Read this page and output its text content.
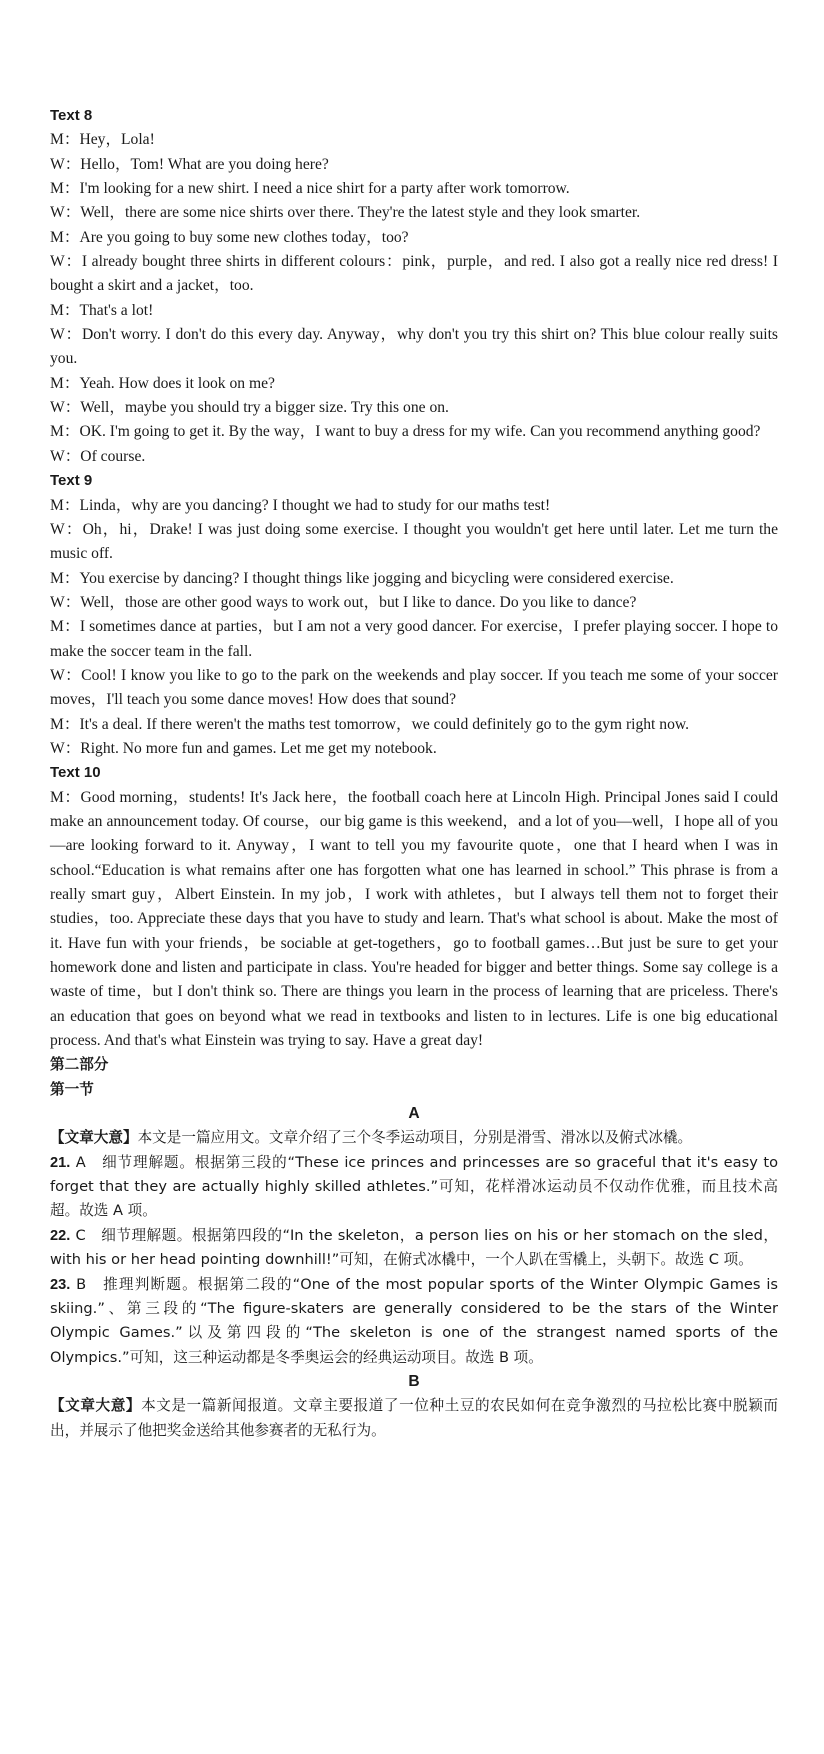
Text 8
M：Hey，Lola!
W：Hello，Tom! What are you doing here?
M：I'm looking for a new shirt. I need a nice shirt for a party after work tomorrow.
W：Well，there are some nice shirts over there. They're the latest style and they look smarter.
M：Are you going to buy some new clothes today，too?
W：I already bought three shirts in different colours：pink，purple，and red. I also got a really nice red dress! I bought a skirt and a jacket，too.
M：That's a lot!
W：Don't worry. I don't do this every day. Anyway，why don't you try this shirt on? This blue colour really suits you.
M：Yeah. How does it look on me?
W：Well，maybe you should try a bigger size. Try this one on.
M：OK. I'm going to get it. By the way，I want to buy a dress for my wife. Can you recommend anything good?
W：Of course.
Text 9
M：Linda，why are you dancing? I thought we had to study for our maths test!
W：Oh，hi，Drake! I was just doing some exercise. I thought you wouldn't get here until later. Let me turn the music off.
M：You exercise by dancing? I thought things like jogging and bicycling were considered exercise.
W：Well，those are other good ways to work out，but I like to dance. Do you like to dance?
M：I sometimes dance at parties，but I am not a very good dancer. For exercise，I prefer playing soccer. I hope to make the soccer team in the fall.
W：Cool! I know you like to go to the park on the weekends and play soccer. If you teach me some of your soccer moves，I'll teach you some dance moves! How does that sound?
M：It's a deal. If there weren't the maths test tomorrow，we could definitely go to the gym right now.
W：Right. No more fun and games. Let me get my notebook.
Text 10
M：Good morning，students! It's Jack here，the football coach here at Lincoln High. Principal Jones said I could make an announcement today. Of course，our big game is this weekend，and a lot of you—well，I hope all of you—are looking forward to it. Anyway，I want to tell you my favourite quote，one that I heard when I was in school.“Education is what remains after one has forgotten what one has learned in school.” This phrase is from a really smart guy，Albert Einstein. In my job，I work with athletes，but I always tell them not to forget their studies，too. Appreciate these days that you have to study and learn. That's what school is about. Make the most of it. Have fun with your friends，be sociable at get-togethers，go to football games…But just be sure to get your homework done and listen and participate in class. You're headed for bigger and better things. Some say college is a waste of time，but I don't think so. There are things you learn in the process of learning that are priceless. There's an education that goes on beyond what we read in textbooks and listen to in lectures. Life is one big educational process. And that's what Einstein was trying to say. Have a great day!
第二部分
第一节
A
【文章大意】本文是一篇应用文。文章介绍了三个冬季运动项目，分别是滑雪、滑冰以及俯式冰橇。
21. A　细节理解题。根据第三段的“These ice princes and princesses are so graceful that it's easy to forget that they are actually highly skilled athletes.”可知，花样滑冰运动员不仅动作优雅，而且技术高超。故选 A 项。
22. C　细节理解题。根据第四段的“In the skeleton，a person lies on his or her stomach on the sled，with his or her head pointing downhill!”可知，在俯式冰橇中，一个人趴在雪橇上，头朝下。故选 C 项。
23. B　推理判断题。根据第二段的“One of the most popular sports of the Winter Olympic Games is skiing.”、第三段的“The figure-skaters are generally considered to be the stars of the Winter Olympic Games.”以及第四段的“The skeleton is one of the strangest named sports of the Olympics.”可知，这三种运动都是冬季奥运会的经典运动项目。故选 B 项。
B
【文章大意】本文是一篇新闻报道。文章主要报道了一位种土豆的农民如何在竞争激烈的马拉松比赛中脱颖而出，并展示了他把奖金送给其他参赛者的无私行为。
